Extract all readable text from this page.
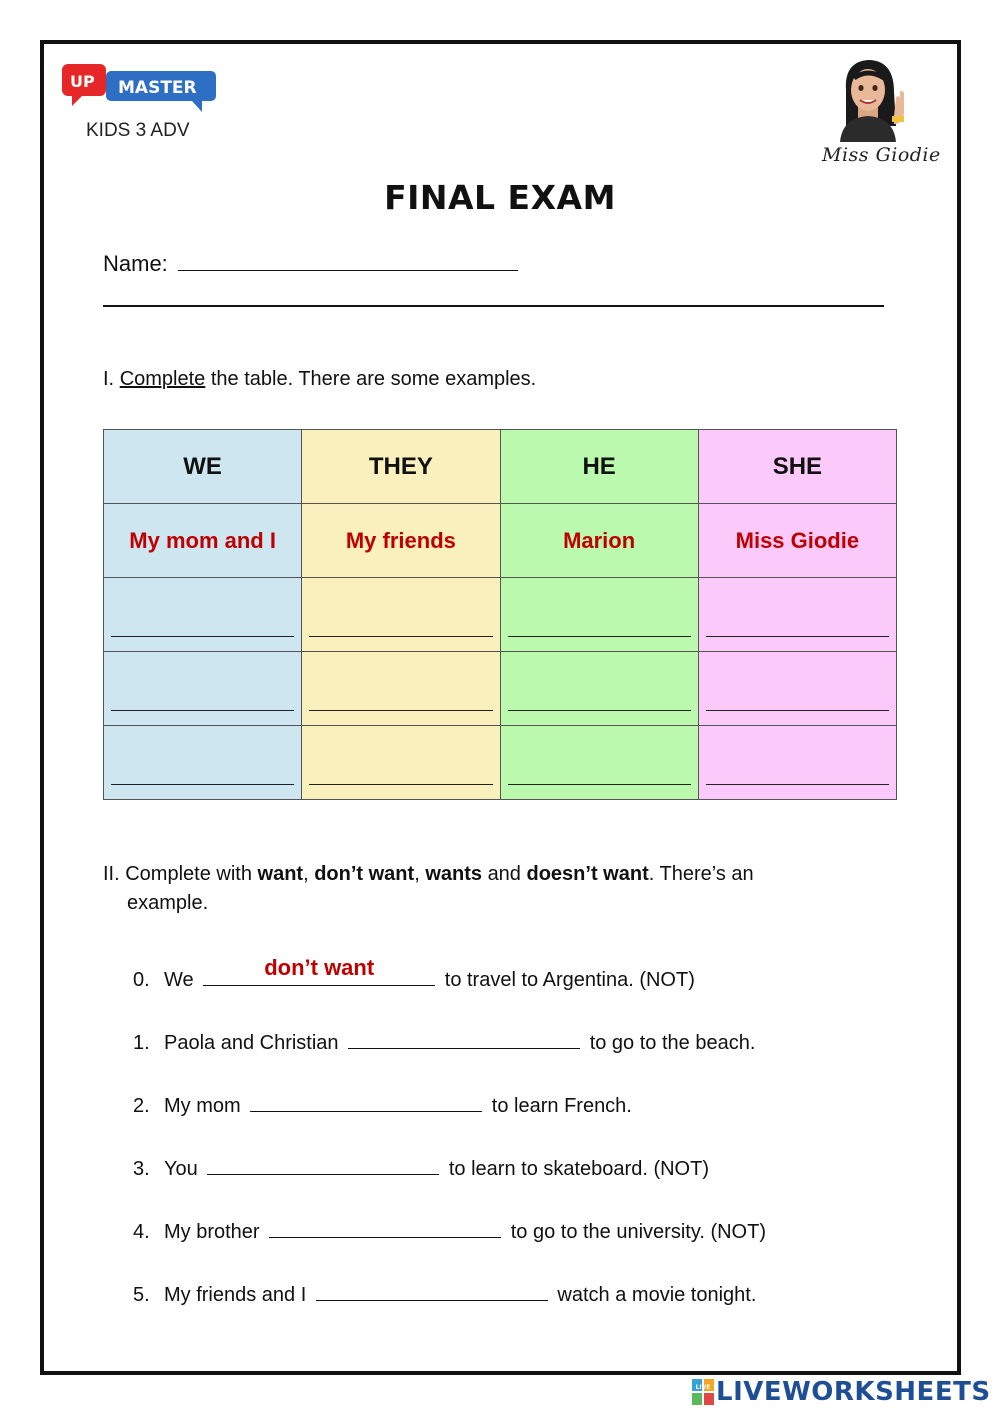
MASTER
UP
KIDS 3 ADV
Miss Giodie
FINAL EXAM
Name:
I. Complete the table. There are some examples.
WE	THEY	HE	SHE
My mom and I	My friends	Marion	Miss Giodie

II. Complete with want, don’t want, wants and doesn’t want. There’s an
example.
0. We	don’t want	to travel to Argentina. (NOT)
1. Paola and Christian	to go to the beach.
2. My mom	to learn French.
3. You	to learn to skateboard. (NOT)
4. My brother	to go to the university. (NOT)
5. My friends and I	watch a movie tonight.
LIVE LIVEWORKSHEETS
